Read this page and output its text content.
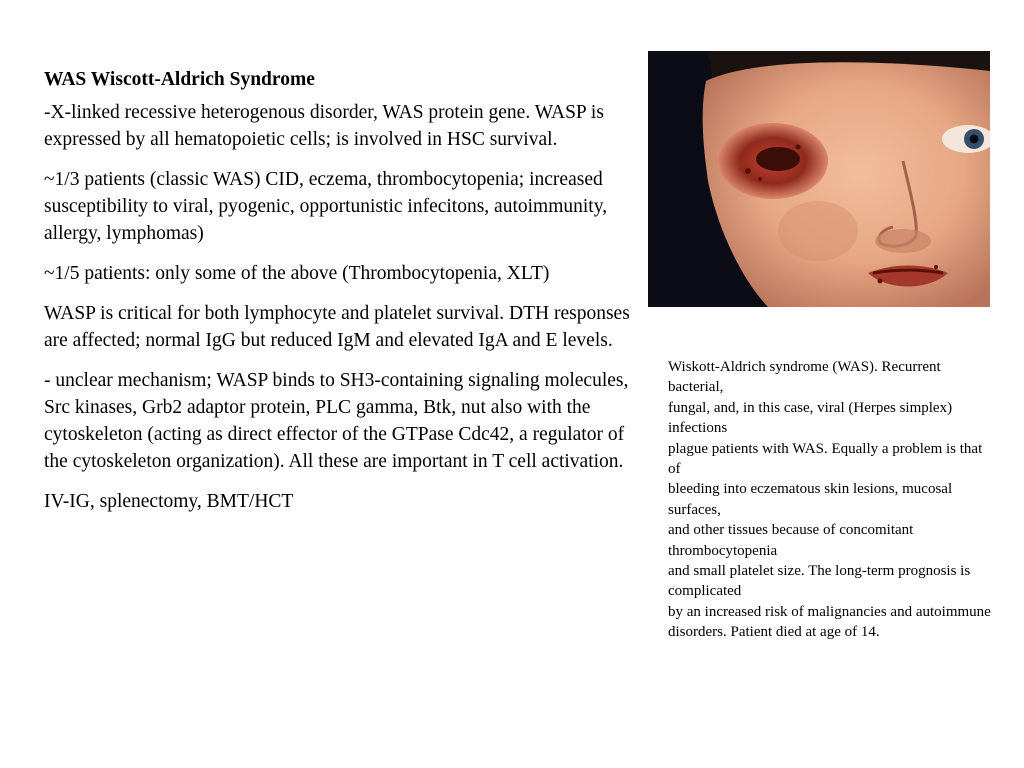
WAS Wiscott-Aldrich Syndrome

-X-linked recessive heterogenous disorder, WAS protein gene. WASP is expressed by all hematopoietic cells; is involved in HSC survival.

~1/3 patients (classic WAS) CID, eczema, thrombocytopenia; increased susceptibility to viral, pyogenic, opportunistic infecitons, autoimmunity, allergy, lymphomas)

~1/5 patients: only some of the above (Thrombocytopenia, XLT)

WASP is critical for both lymphocyte and platelet survival. DTH responses are affected; normal IgG but reduced IgM and elevated IgA and E levels.

- unclear mechanism; WASP binds to SH3-containing signaling molecules, Src kinases, Grb2 adaptor protein, PLC gamma, Btk, nut also with the cytoskeleton (acting as direct effector of the GTPase Cdc42, a regulator of the cytoskeleton organization). All these are important in T cell activation.

IV-IG, splenectomy, BMT/HCT

Wiskott-Aldrich syndrome (WAS). Recurrent bacterial,
fungal, and, in this case, viral (Herpes simplex) infections
plague patients with WAS. Equally a problem is that of
bleeding into eczematous skin lesions, mucosal surfaces,
and other tissues because of concomitant thrombocytopenia
and small platelet size. The long-term prognosis is complicated
by an increased risk of malignancies and autoimmune
disorders. Patient died at age of 14.
